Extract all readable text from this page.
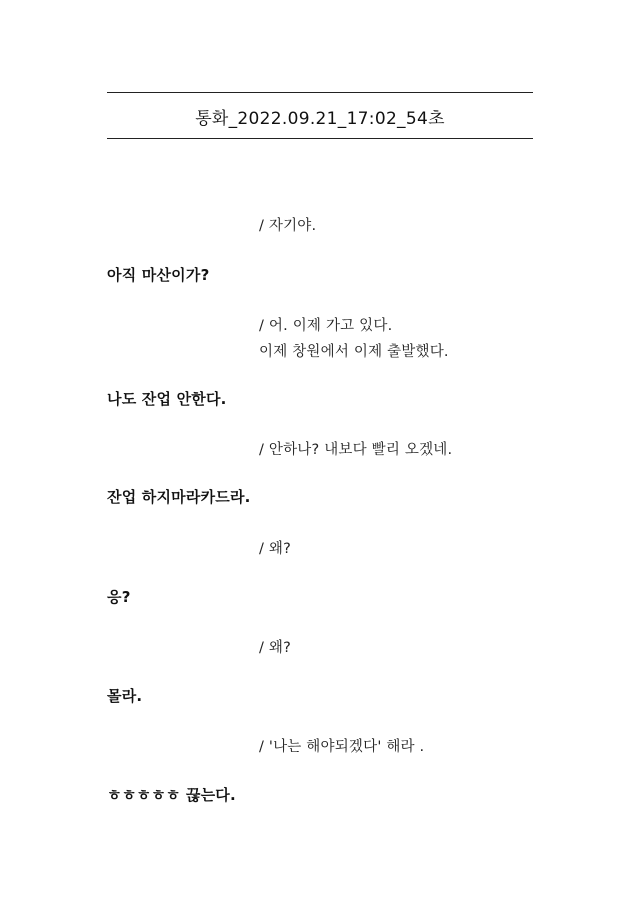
통화_2022.09.21_17:02_54초
/ 자기야.
아직 마산이가?
/ 어. 이제 가고 있다.
이제 창원에서 이제 출발했다.
나도 잔업 안한다.
/ 안하나? 내보다 빨리 오겠네.
잔업 하지마라카드라.
/ 왜?
응?
/ 왜?
몰라.
/ '나는 해야되겠다' 해라 .
ㅎㅎㅎㅎㅎ 끊는다.
